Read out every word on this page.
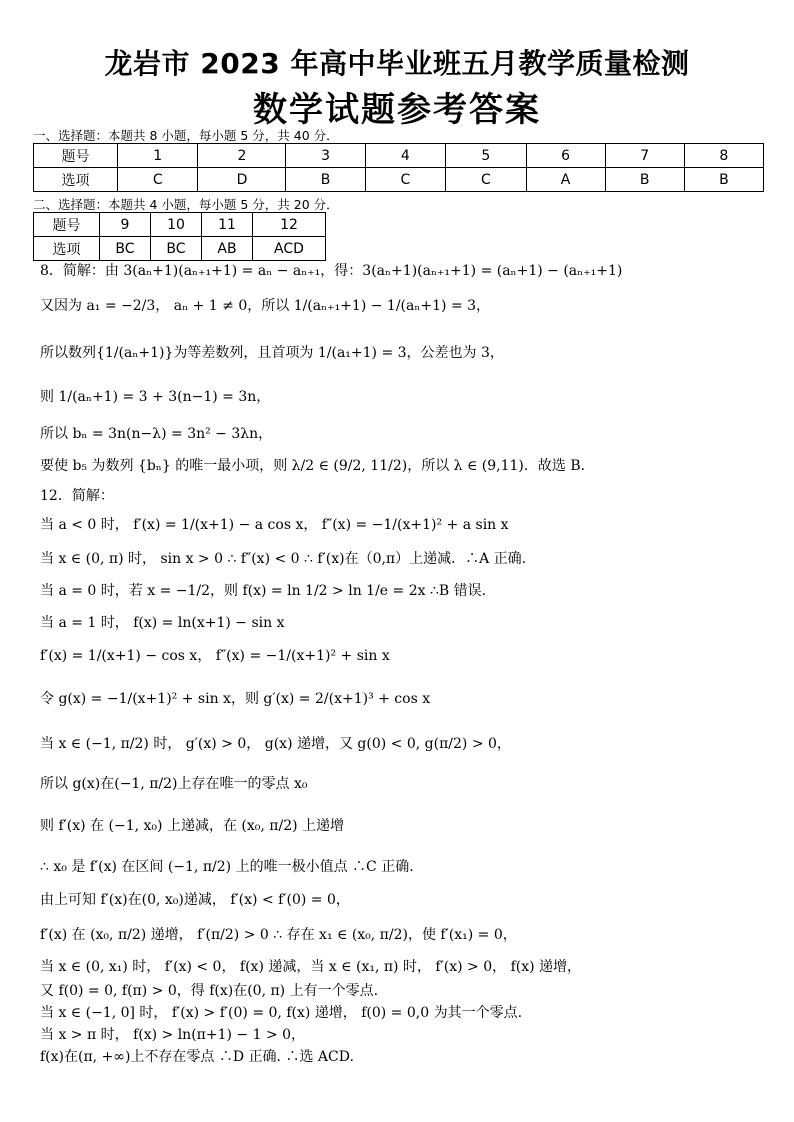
龙岩市 2023 年高中毕业班五月教学质量检测
数学试题参考答案
一、选择题：本题共 8 小题，每小题 5 分，共 40 分．
题号	1	2	3	4	5	6	7	8
选项	C	D	B	C	C	A	B	B
二、选择题：本题共 4 小题，每小题 5 分，共 20 分．
题号	9	10	11	12
选项	BC	BC	AB	ACD
8．简解：由 3(aₙ+1)(aₙ₊₁+1) = aₙ − aₙ₊₁，得：3(aₙ+1)(aₙ₊₁+1) = (aₙ+1) − (aₙ₊₁+1)
又因为 a₁ = −2/3， aₙ + 1 ≠ 0，所以 1/(aₙ₊₁+1) − 1/(aₙ+1) = 3，
所以数列{1/(aₙ+1)}为等差数列，且首项为 1/(a₁+1) = 3，公差也为 3，
则 1/(aₙ+1) = 3 + 3(n−1) = 3n，
所以 bₙ = 3n(n−λ) = 3n² − 3λn，
要使 b₅ 为数列 {bₙ} 的唯一最小项，则 λ/2 ∈ (9/2, 11/2)，所以 λ ∈ (9,11)．故选 B.
12．简解：
当 a < 0 时， f′(x) = 1/(x+1) − a cos x， f″(x) = −1/(x+1)² + a sin x
当 x ∈ (0, π) 时， sin x > 0 ∴ f″(x) < 0 ∴ f′(x)在（0,π）上递减．∴A 正确.
当 a = 0 时，若 x = −1/2，则 f(x) = ln 1/2 > ln 1/e = 2x ∴B 错误.
当 a = 1 时， f(x) = ln(x+1) − sin x
f′(x) = 1/(x+1) − cos x， f″(x) = −1/(x+1)² + sin x
令 g(x) = −1/(x+1)² + sin x，则 g′(x) = 2/(x+1)³ + cos x
当 x ∈ (−1, π/2) 时， g′(x) > 0， g(x) 递增，又 g(0) < 0, g(π/2) > 0，
所以 g(x)在(−1, π/2)上存在唯一的零点 x₀
则 f′(x) 在 (−1, x₀) 上递减，在 (x₀, π/2) 上递增
∴ x₀ 是 f′(x) 在区间 (−1, π/2) 上的唯一极小值点 ∴C 正确.
由上可知 f′(x)在(0, x₀)递减， f′(x) < f′(0) = 0，
f′(x) 在 (x₀, π/2) 递增， f′(π/2) > 0 ∴ 存在 x₁ ∈ (x₀, π/2)，使 f′(x₁) = 0，
当 x ∈ (0, x₁) 时， f′(x) < 0， f(x) 递减，当 x ∈ (x₁, π) 时， f′(x) > 0， f(x) 递增，
又 f(0) = 0, f(π) > 0，得 f(x)在(0, π) 上有一个零点.
当 x ∈ (−1, 0] 时， f′(x) > f′(0) = 0, f(x) 递增， f(0) = 0,0 为其一个零点.
当 x > π 时， f(x) > ln(π+1) − 1 > 0，
f(x)在(π, +∞)上不存在零点 ∴D 正确. ∴选 ACD.
